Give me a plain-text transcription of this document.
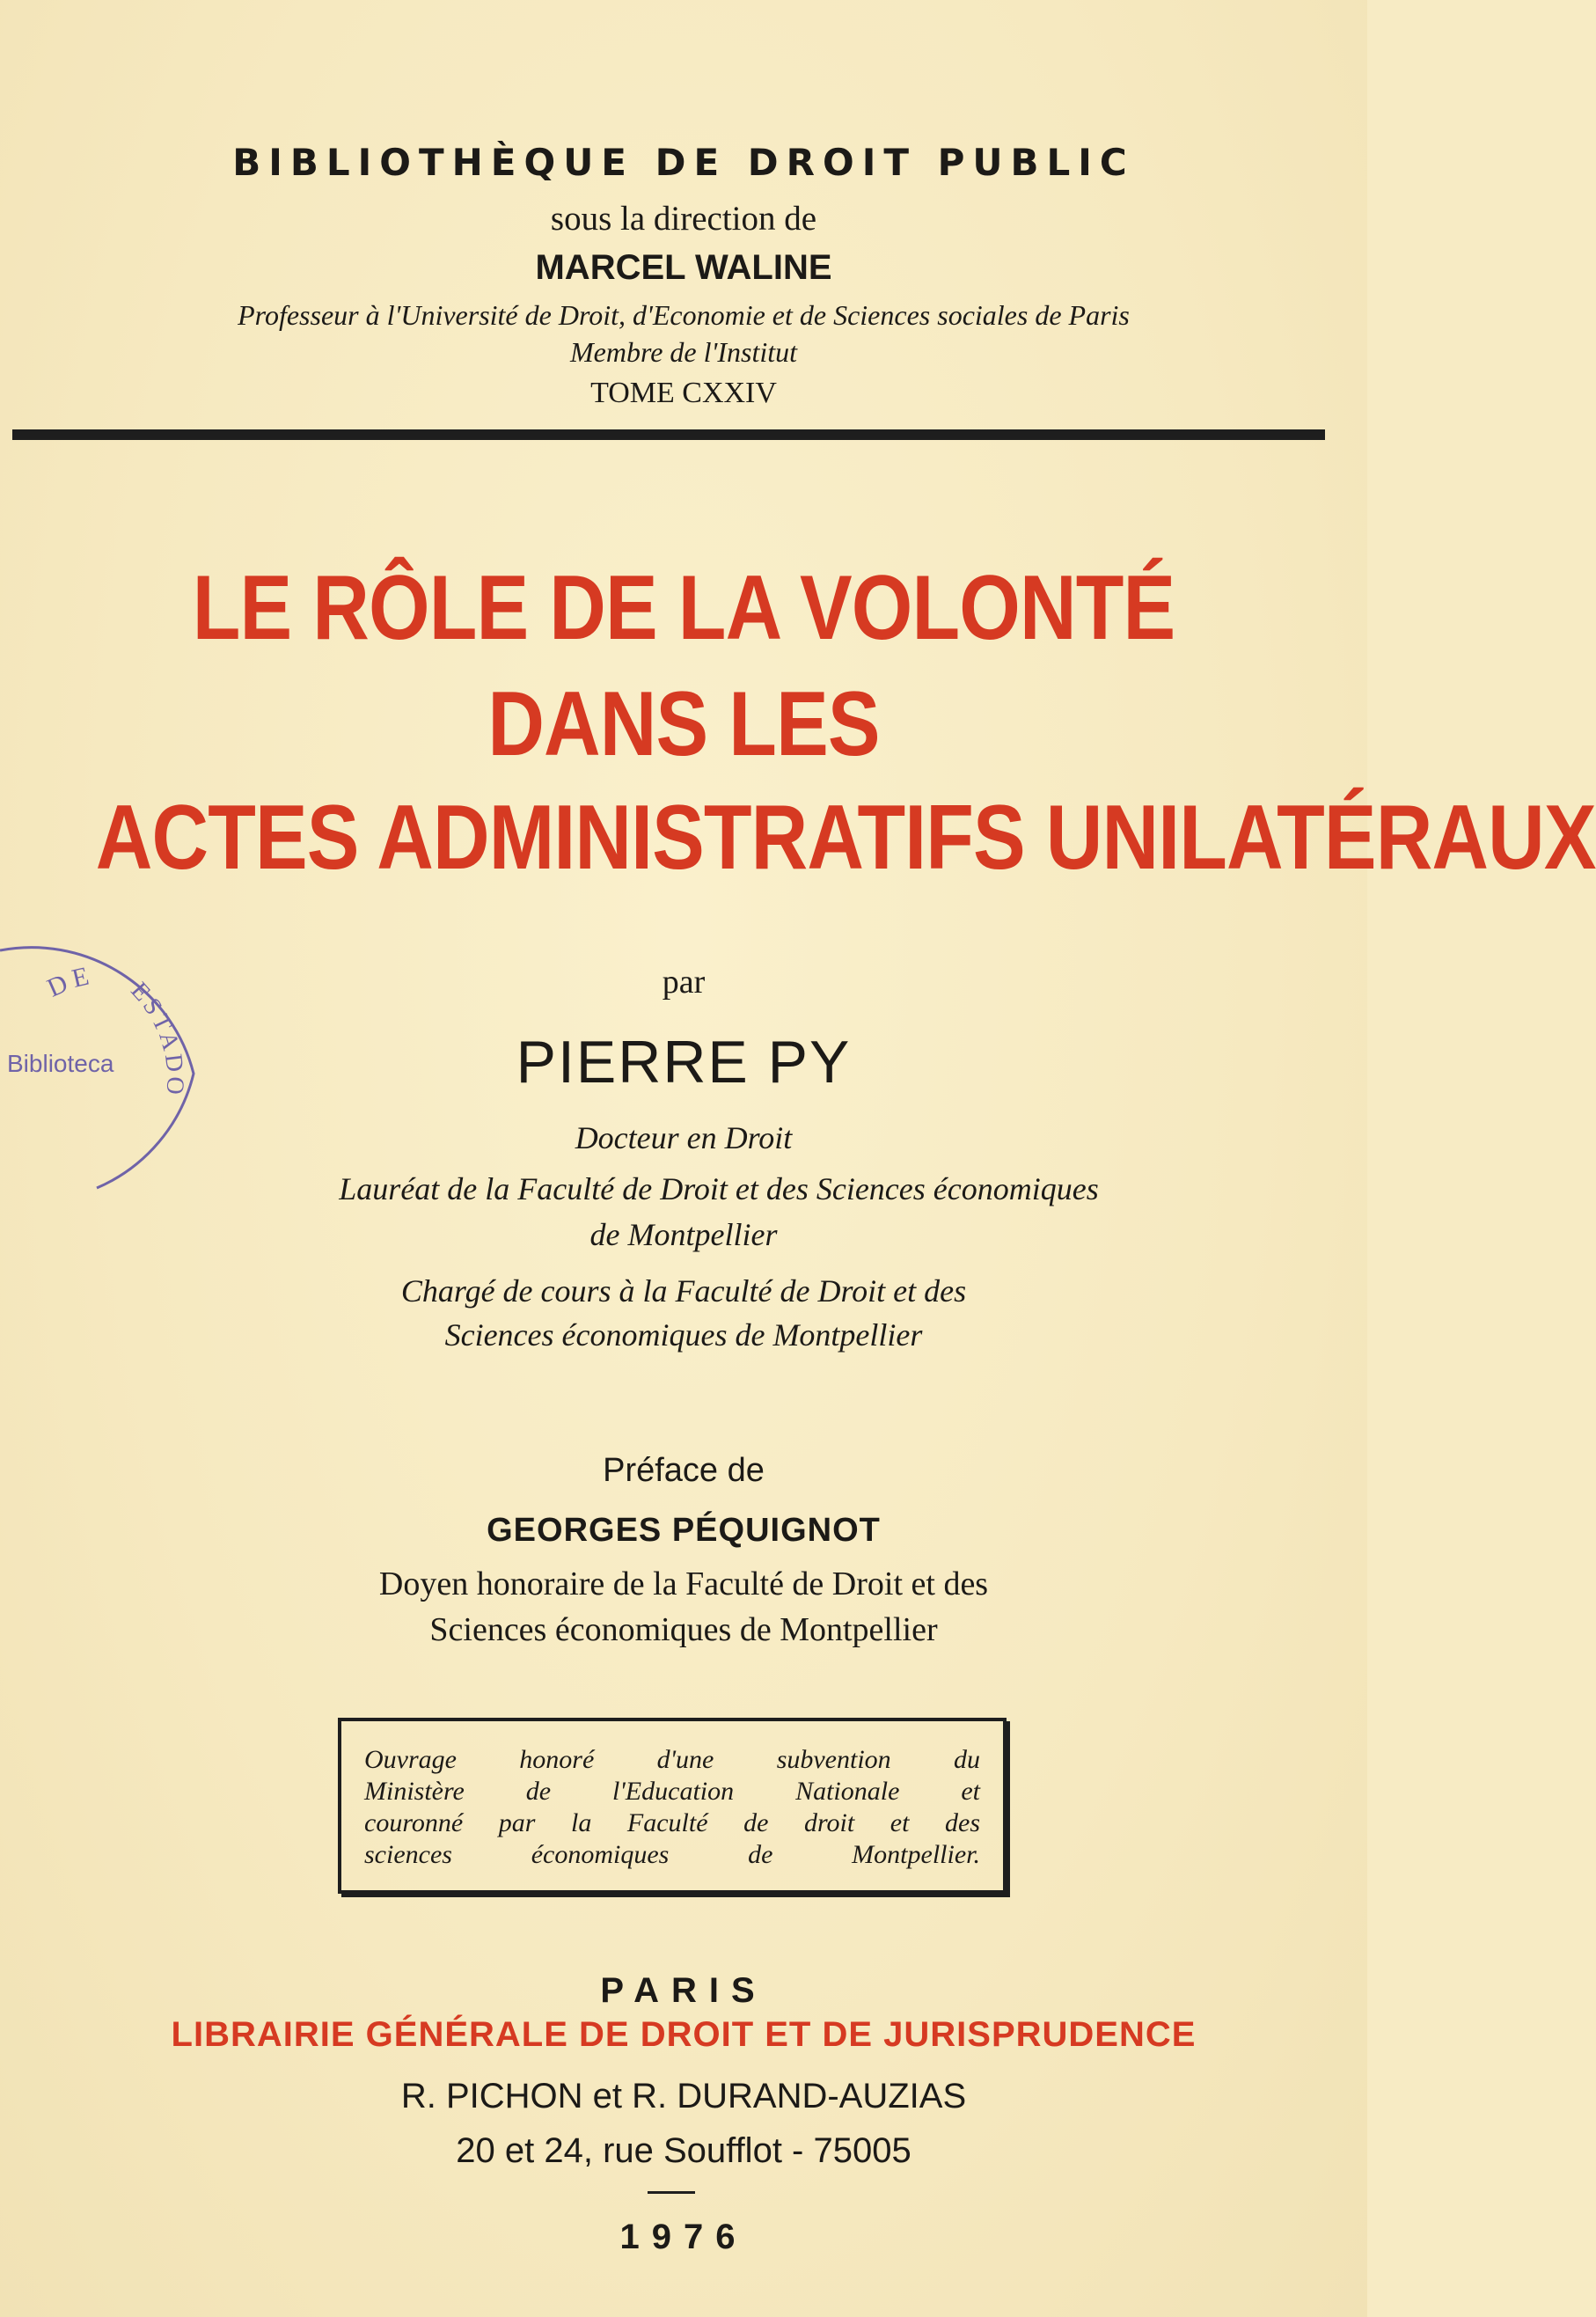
BIBLIOTHÈQUE DE DROIT PUBLIC

sous la direction de

MARCEL WALINE

Professeur à l'Université de Droit, d'Economie et de Sciences sociales de Paris

Membre de l'Institut

TOME CXXIV

LE RÔLE DE LA VOLONTÉ

DANS LES

ACTES ADMINISTRATIFS UNILATÉRAUX

DE ESTADO
Biblioteca

par

PIERRE PY

Docteur en Droit

Lauréat de la Faculté de Droit et des Sciences économiques

de Montpellier

Chargé de cours à la Faculté de Droit et des

Sciences économiques de Montpellier

Préface de

GEORGES PÉQUIGNOT

Doyen honoraire de la Faculté de Droit et des

Sciences économiques de Montpellier

Ouvrage honoré d'une subvention du
Ministère de l'Education Nationale et
couronné par la Faculté de droit et des
sciences économiques de Montpellier.

PARIS

LIBRAIRIE GÉNÉRALE DE DROIT ET DE JURISPRUDENCE

R. PICHON et R. DURAND-AUZIAS

20 et 24, rue Soufflot - 75005

1976
